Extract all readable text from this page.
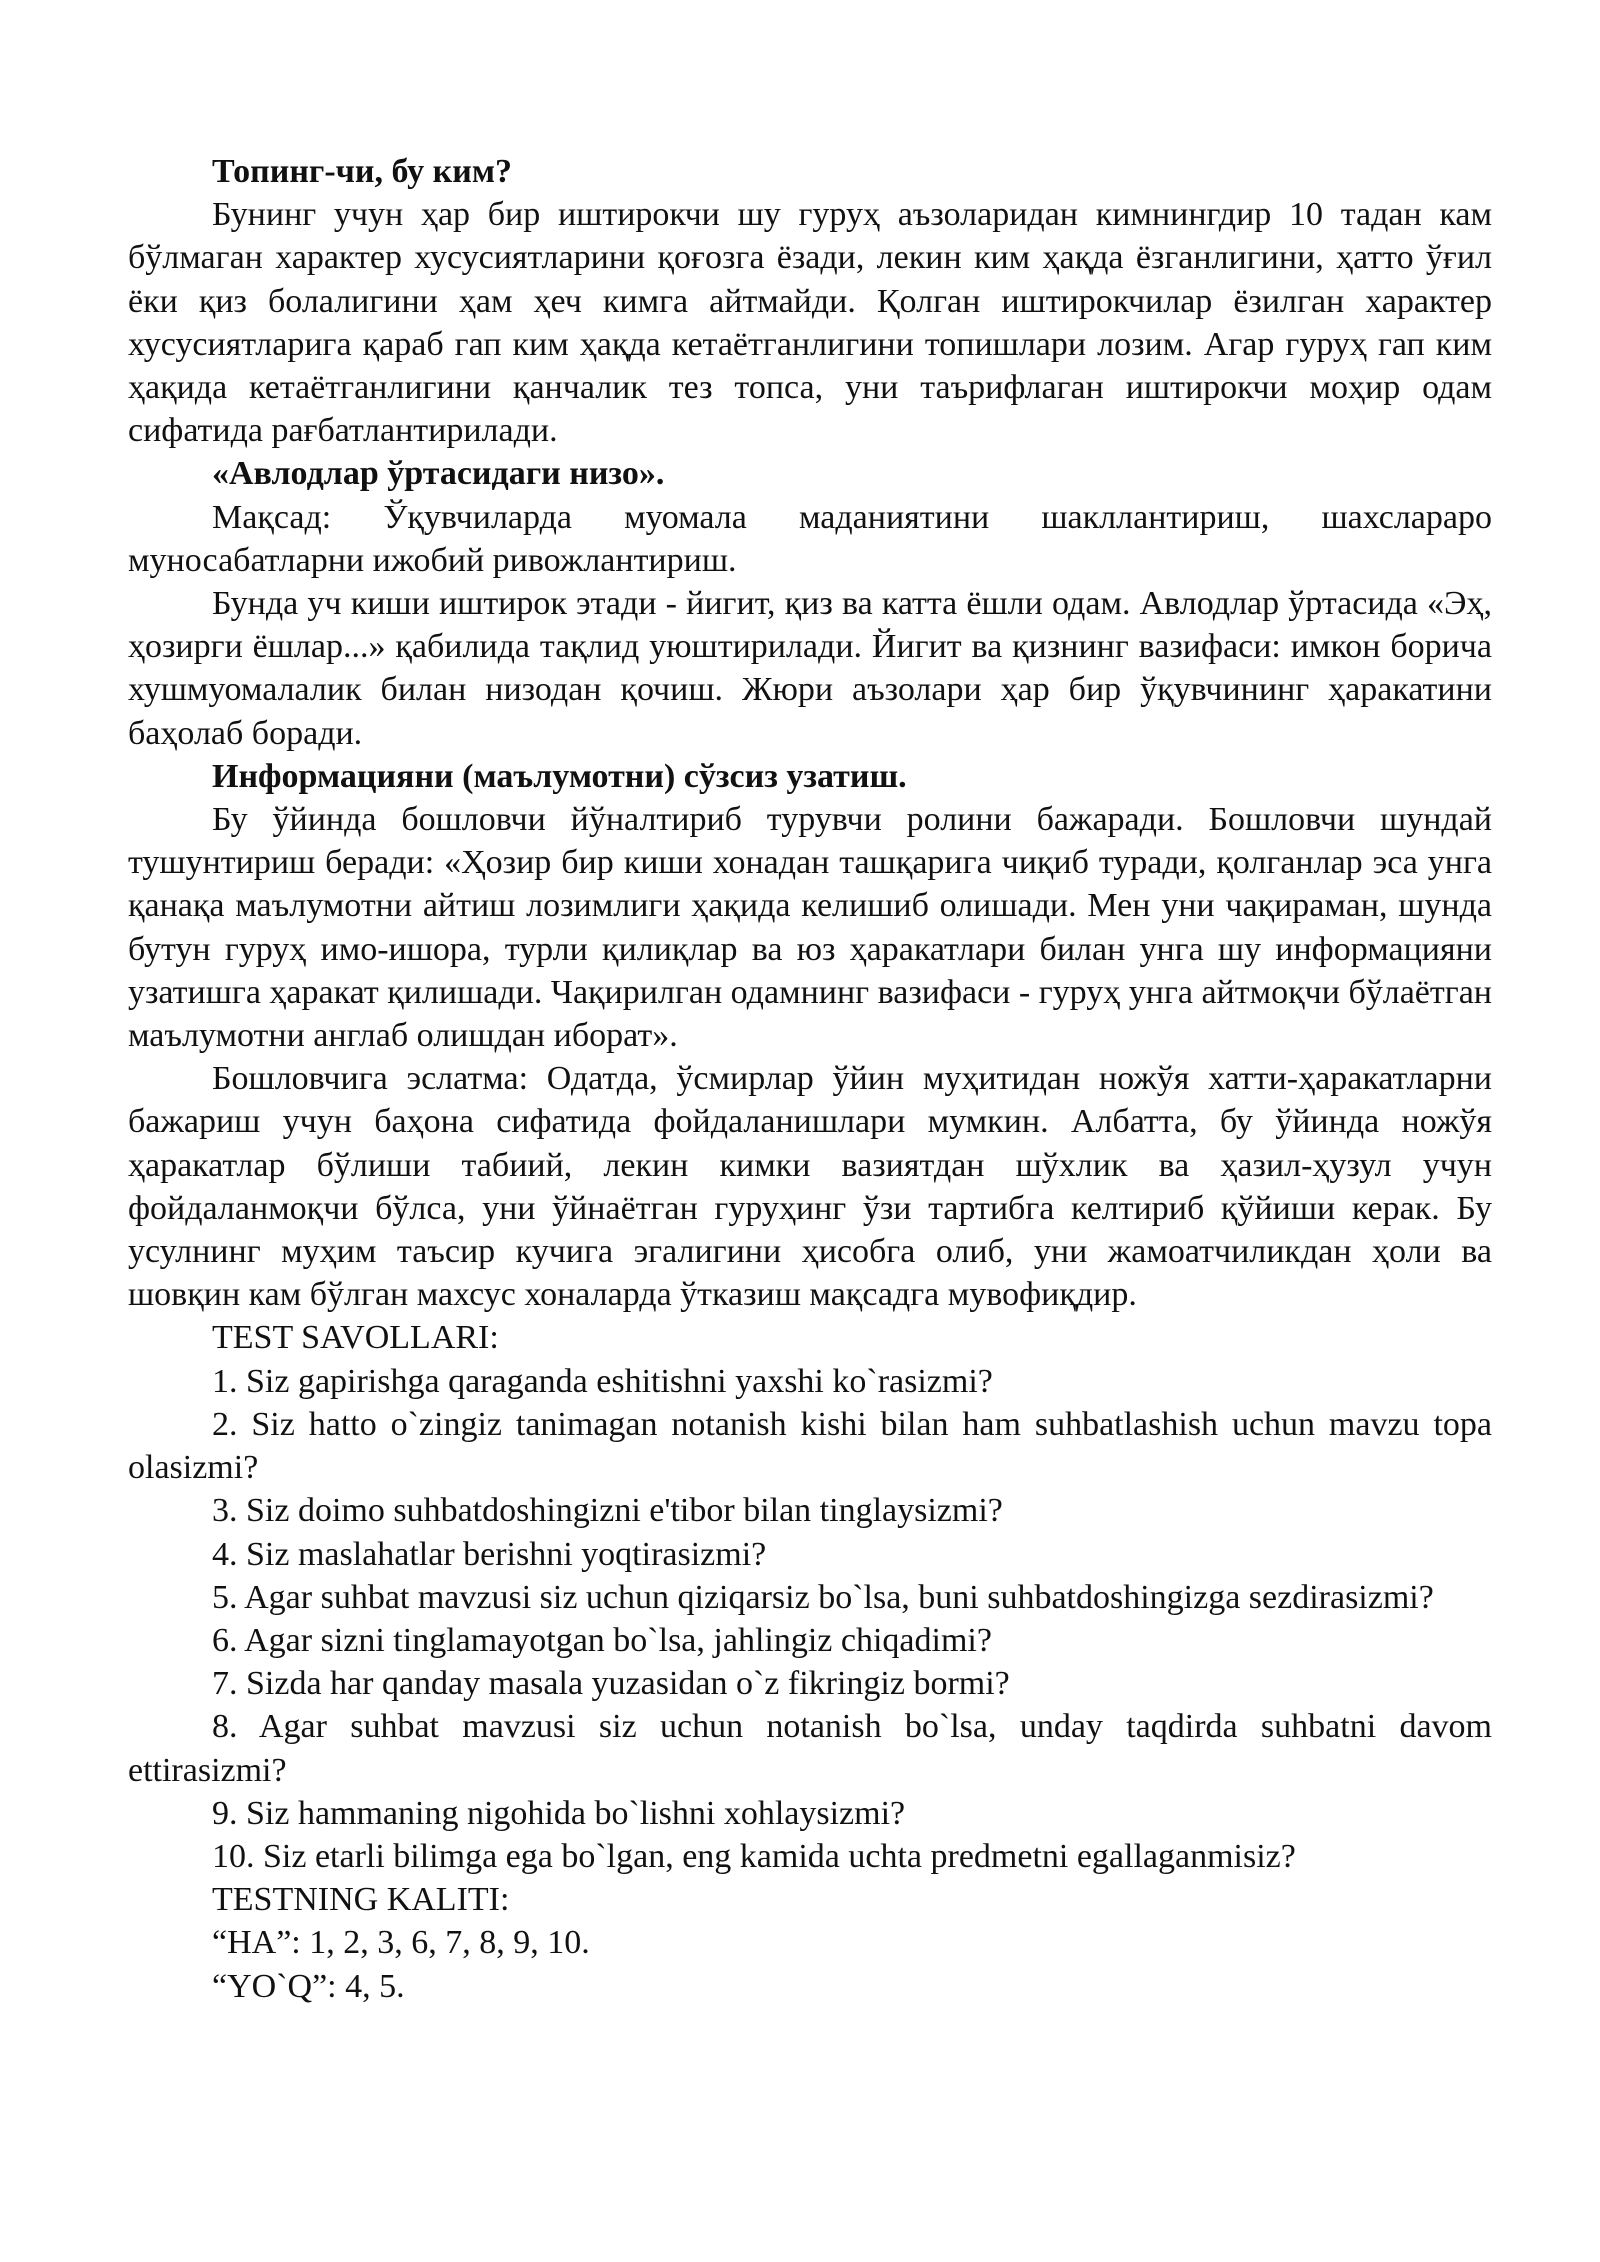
Топинг-чи, бу ким?

Бунинг учун ҳар бир иштирокчи шу гуруҳ аъзоларидан кимнингдир 10 тадан кам бўлмаган характер хусусиятларини қоғозга ёзади, лекин ким ҳақда ёзганлигини, ҳатто ўғил ёки қиз болалигини ҳам ҳеч кимга айтмайди. Қолган иштирокчилар ёзилган характер хусусиятларига қараб гап ким ҳақда кетаётганлигини топишлари лозим. Агар гуруҳ гап ким ҳақида кетаётганлигини қанчалик тез топса, уни таърифлаган иштирокчи моҳир одам сифатида рағбатлантирилади.

«Авлодлар ўртасидаги низо».

Мақсад: Ўқувчиларда муомала маданиятини шакллантириш, шахслараро муносабатларни ижобий ривожлантириш.

Бунда уч киши иштирок этади - йигит, қиз ва катта ёшли одам. Авлодлар ўртасида «Эҳ, ҳозирги ёшлар...» қабилида тақлид уюштирилади. Йигит ва қизнинг вазифаси: имкон борича хушмуомалалик билан низодан қочиш. Жюри аъзолари ҳар бир ўқувчининг ҳаракатини баҳолаб боради.

Информацияни (маълумотни) сўзсиз узатиш.

Бу ўйинда бошловчи йўналтириб турувчи ролини бажаради. Бошловчи шундай тушунтириш беради: «Ҳозир бир киши хонадан ташқарига чиқиб туради, қолганлар эса унга қанақа маълумотни айтиш лозимлиги ҳақида келишиб олишади. Мен уни чақираман, шунда бутун гуруҳ имо-ишора, турли қилиқлар ва юз ҳаракатлари билан унга шу информацияни узатишга ҳаракат қилишади. Чақирилган одамнинг вазифаси - гуруҳ унга айтмоқчи бўлаётган маълумотни англаб олишдан иборат».

Бошловчига эслатма: Одатда, ўсмирлар ўйин муҳитидан ножўя хатти-ҳаракатларни бажариш учун баҳона сифатида фойдаланишлари мумкин. Албатта, бу ўйинда ножўя ҳаракатлар бўлиши табиий, лекин кимки вазиятдан шўхлик ва ҳазил-ҳузул учун фойдаланмоқчи бўлса, уни ўйнаётган гуруҳинг ўзи тартибга келтириб қўйиши керак. Бу усулнинг муҳим таъсир кучига эгалигини ҳисобга олиб, уни жамоатчиликдан ҳоли ва шовқин кам бўлган махсус хоналарда ўтказиш мақсадга мувофиқдир.

TEST SAVOLLARI:

1. Siz gapirishga qaraganda eshitishni yaxshi ko`rasizmi?

2. Siz hatto o`zingiz tanimagan notanish kishi bilan ham suhbatlashish uchun mavzu topa olasizmi?

3. Siz doimo suhbatdoshingizni e'tibor bilan tinglaysizmi?

4. Siz maslahatlar berishni yoqtirasizmi?

5. Agar suhbat mavzusi siz uchun qiziqarsiz bo`lsa, buni suhbatdoshingizga sezdirasizmi?

6. Agar sizni tinglamayotgan bo`lsa, jahlingiz chiqadimi?

7. Sizda har qanday masala yuzasidan o`z fikringiz bormi?

8. Agar suhbat mavzusi siz uchun notanish bo`lsa, unday taqdirda suhbatni davom ettirasizmi?

9. Siz hammaning nigohida bo`lishni xohlaysizmi?

10. Siz etarli bilimga ega bo`lgan, eng kamida uchta predmetni egallaganmisiz?

TESTNING KALITI:

“HA”: 1, 2, 3, 6, 7, 8, 9, 10.

“YO`Q”: 4, 5.
